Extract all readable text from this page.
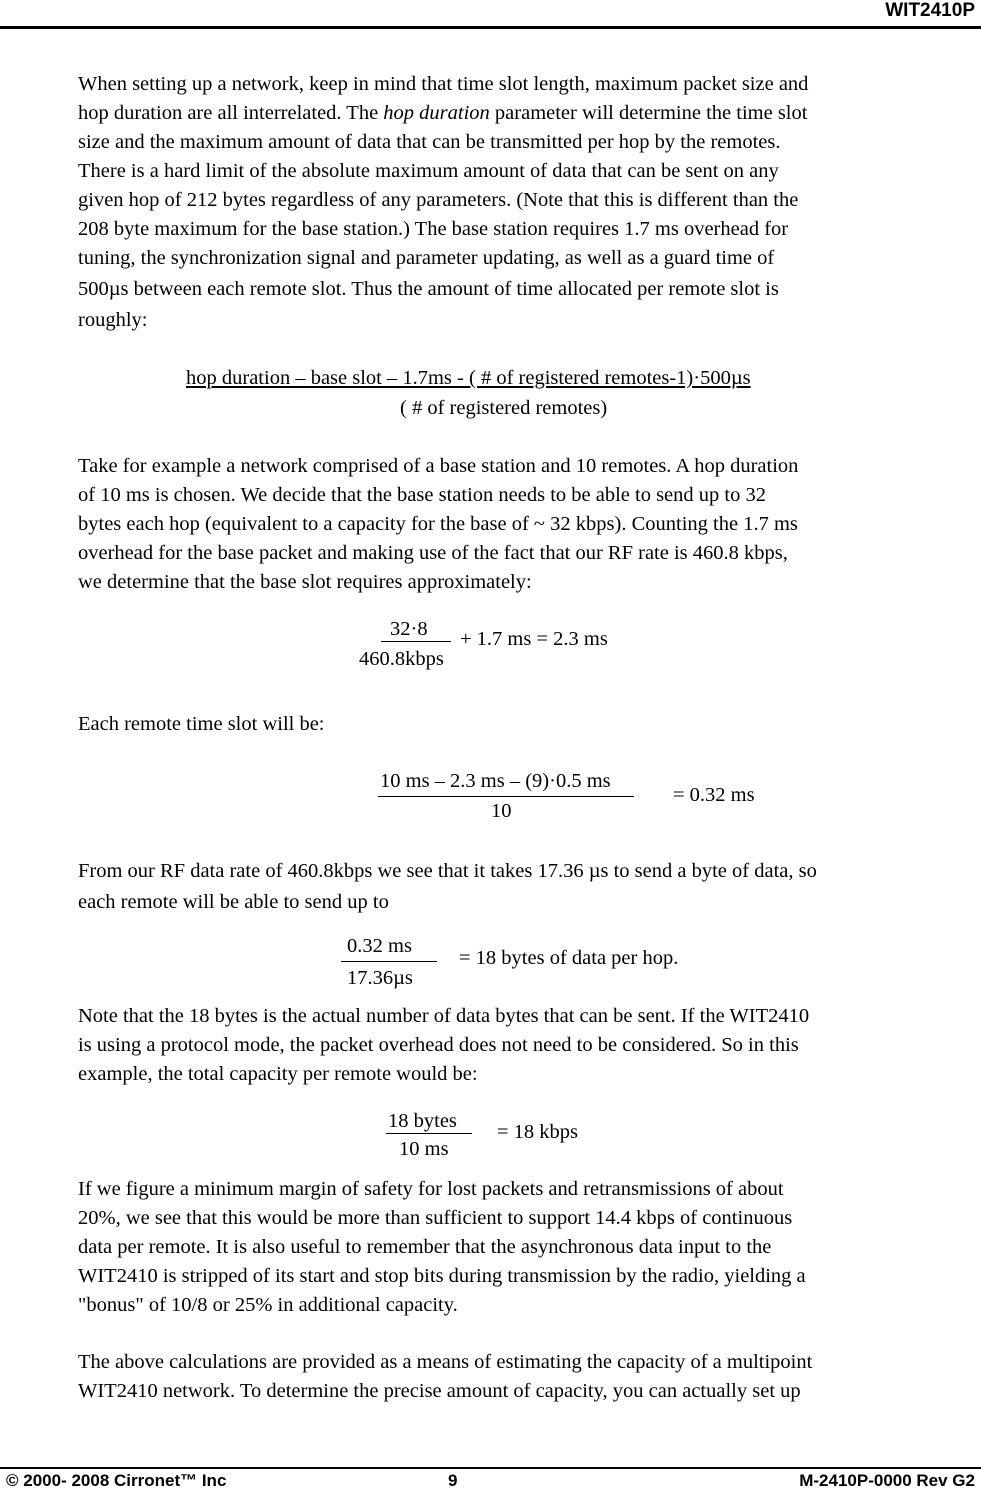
WIT2410P
When setting up a network, keep in mind that time slot length, maximum packet size and
hop duration are all interrelated. The hop duration parameter will determine the time slot
size and the maximum amount of data that can be transmitted per hop by the remotes.
There is a hard limit of the absolute maximum amount of data that can be sent on any
given hop of 212 bytes regardless of any parameters. (Note that this is different than the
208 byte maximum for the base station.) The base station requires 1.7 ms overhead for
tuning, the synchronization signal and parameter updating, as well as a guard time of
500µs between each remote slot. Thus the amount of time allocated per remote slot is
roughly:
hop duration – base slot – 1.7ms - ( # of registered remotes-1)·500µs
( # of registered remotes)
Take for example a network comprised of a base station and 10 remotes. A hop duration
of 10 ms is chosen. We decide that the base station needs to be able to send up to 32
bytes each hop (equivalent to a capacity for the base of ~ 32 kbps). Counting the 1.7 ms
overhead for the base packet and making use of the fact that our RF rate is 460.8 kbps,
we determine that the base slot requires approximately:
32·8
460.8kbps
+ 1.7 ms = 2.3 ms
Each remote time slot will be:
10 ms – 2.3 ms – (9)·0.5 ms
10
= 0.32 ms
From our RF data rate of 460.8kbps we see that it takes 17.36 µs to send a byte of data, so
each remote will be able to send up to
0.32 ms
17.36µs
= 18 bytes of data per hop.
Note that the 18 bytes is the actual number of data bytes that can be sent. If the WIT2410
is using a protocol mode, the packet overhead does not need to be considered. So in this
example, the total capacity per remote would be:
18 bytes
10 ms
= 18 kbps
If we figure a minimum margin of safety for lost packets and retransmissions of about
20%, we see that this would be more than sufficient to support 14.4 kbps of continuous
data per remote. It is also useful to remember that the asynchronous data input to the
WIT2410 is stripped of its start and stop bits during transmission by the radio, yielding a
"bonus" of 10/8 or 25% in additional capacity.
The above calculations are provided as a means of estimating the capacity of a multipoint
WIT2410 network. To determine the precise amount of capacity, you can actually set up
© 2000- 2008 Cirronet™ Inc	9	M-2410P-0000 Rev G2
